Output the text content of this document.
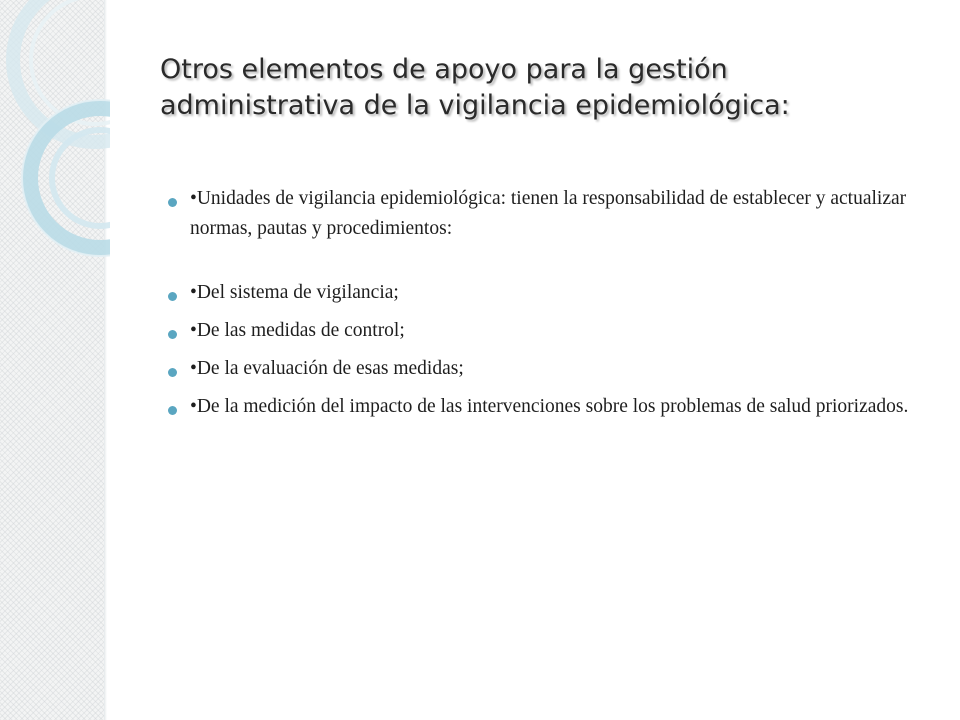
Otros elementos de apoyo para la gestión
administrativa de la vigilancia epidemiológica:
•Unidades de vigilancia epidemiológica: tienen la responsabilidad de establecer y actualizar normas, pautas y procedimientos:
•Del sistema de vigilancia;
•De las medidas de control;
•De la evaluación de esas medidas;
•De la medición del impacto de las intervenciones sobre los problemas de salud priorizados.
